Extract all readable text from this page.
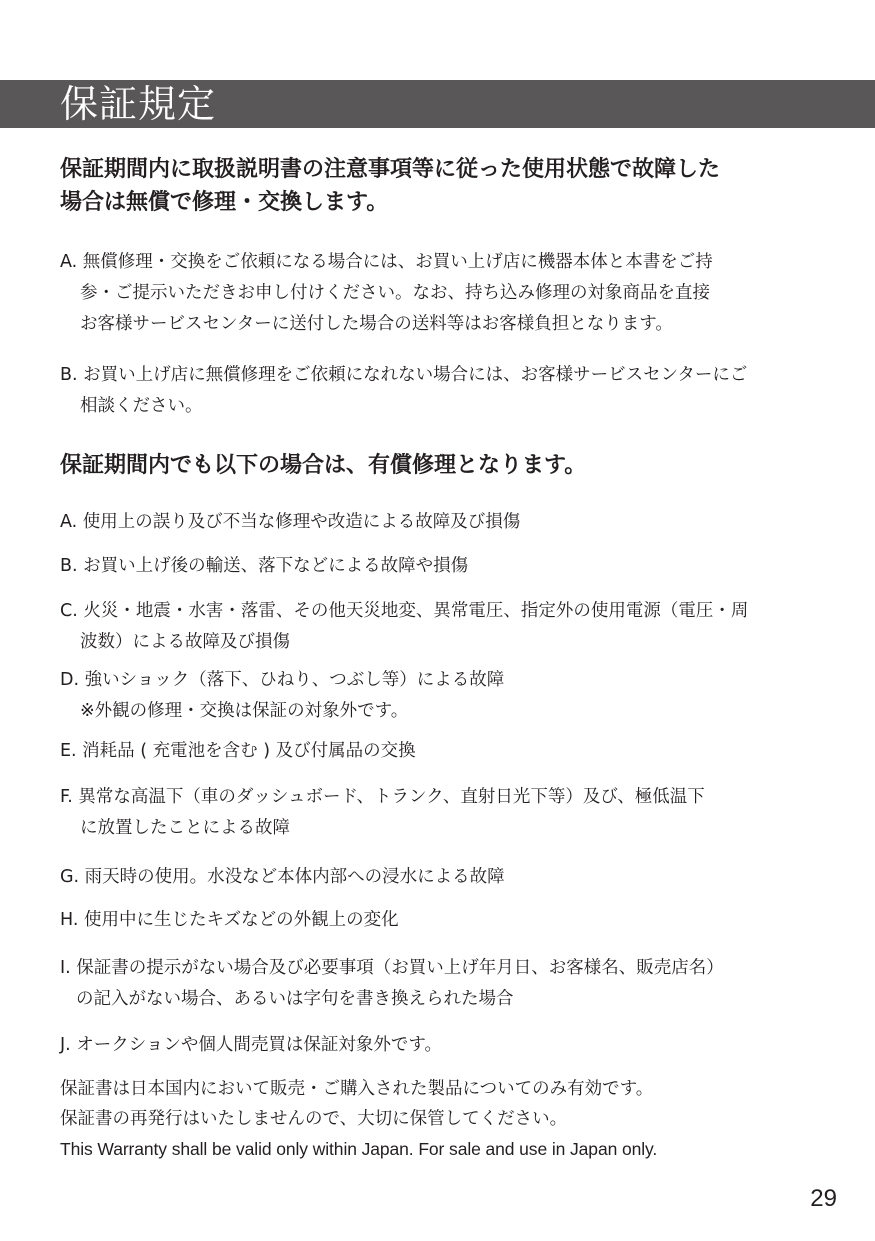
保証規定
保証期間内に取扱説明書の注意事項等に従った使用状態で故障した
場合は無償で修理・交換します。
A. 無償修理・交換をご依頼になる場合には、お買い上げ店に機器本体と本書をご持
参・ご提示いただきお申し付けください。なお、持ち込み修理の対象商品を直接
お客様サービスセンターに送付した場合の送料等はお客様負担となります。
B. お買い上げ店に無償修理をご依頼になれない場合には、お客様サービスセンターにご
相談ください。
保証期間内でも以下の場合は、有償修理となります。
A. 使用上の誤り及び不当な修理や改造による故障及び損傷
B. お買い上げ後の輸送、落下などによる故障や損傷
C. 火災・地震・水害・落雷、その他天災地変、異常電圧、指定外の使用電源（電圧・周
波数）による故障及び損傷
D. 強いショック（落下、ひねり、つぶし等）による故障
※外観の修理・交換は保証の対象外です。
E. 消耗品 ( 充電池を含む ) 及び付属品の交換
F. 異常な高温下（車のダッシュボード、トランク、直射日光下等）及び、極低温下
に放置したことによる故障
G. 雨天時の使用。水没など本体内部への浸水による故障
H. 使用中に生じたキズなどの外観上の変化
I. 保証書の提示がない場合及び必要事項（お買い上げ年月日、お客様名、販売店名）
の記入がない場合、あるいは字句を書き換えられた場合
J. オークションや個人間売買は保証対象外です。
保証書は日本国内において販売・ご購入された製品についてのみ有効です。
保証書の再発行はいたしませんので、大切に保管してください。
This Warranty shall be valid only within Japan. For sale and use in Japan only.
29
